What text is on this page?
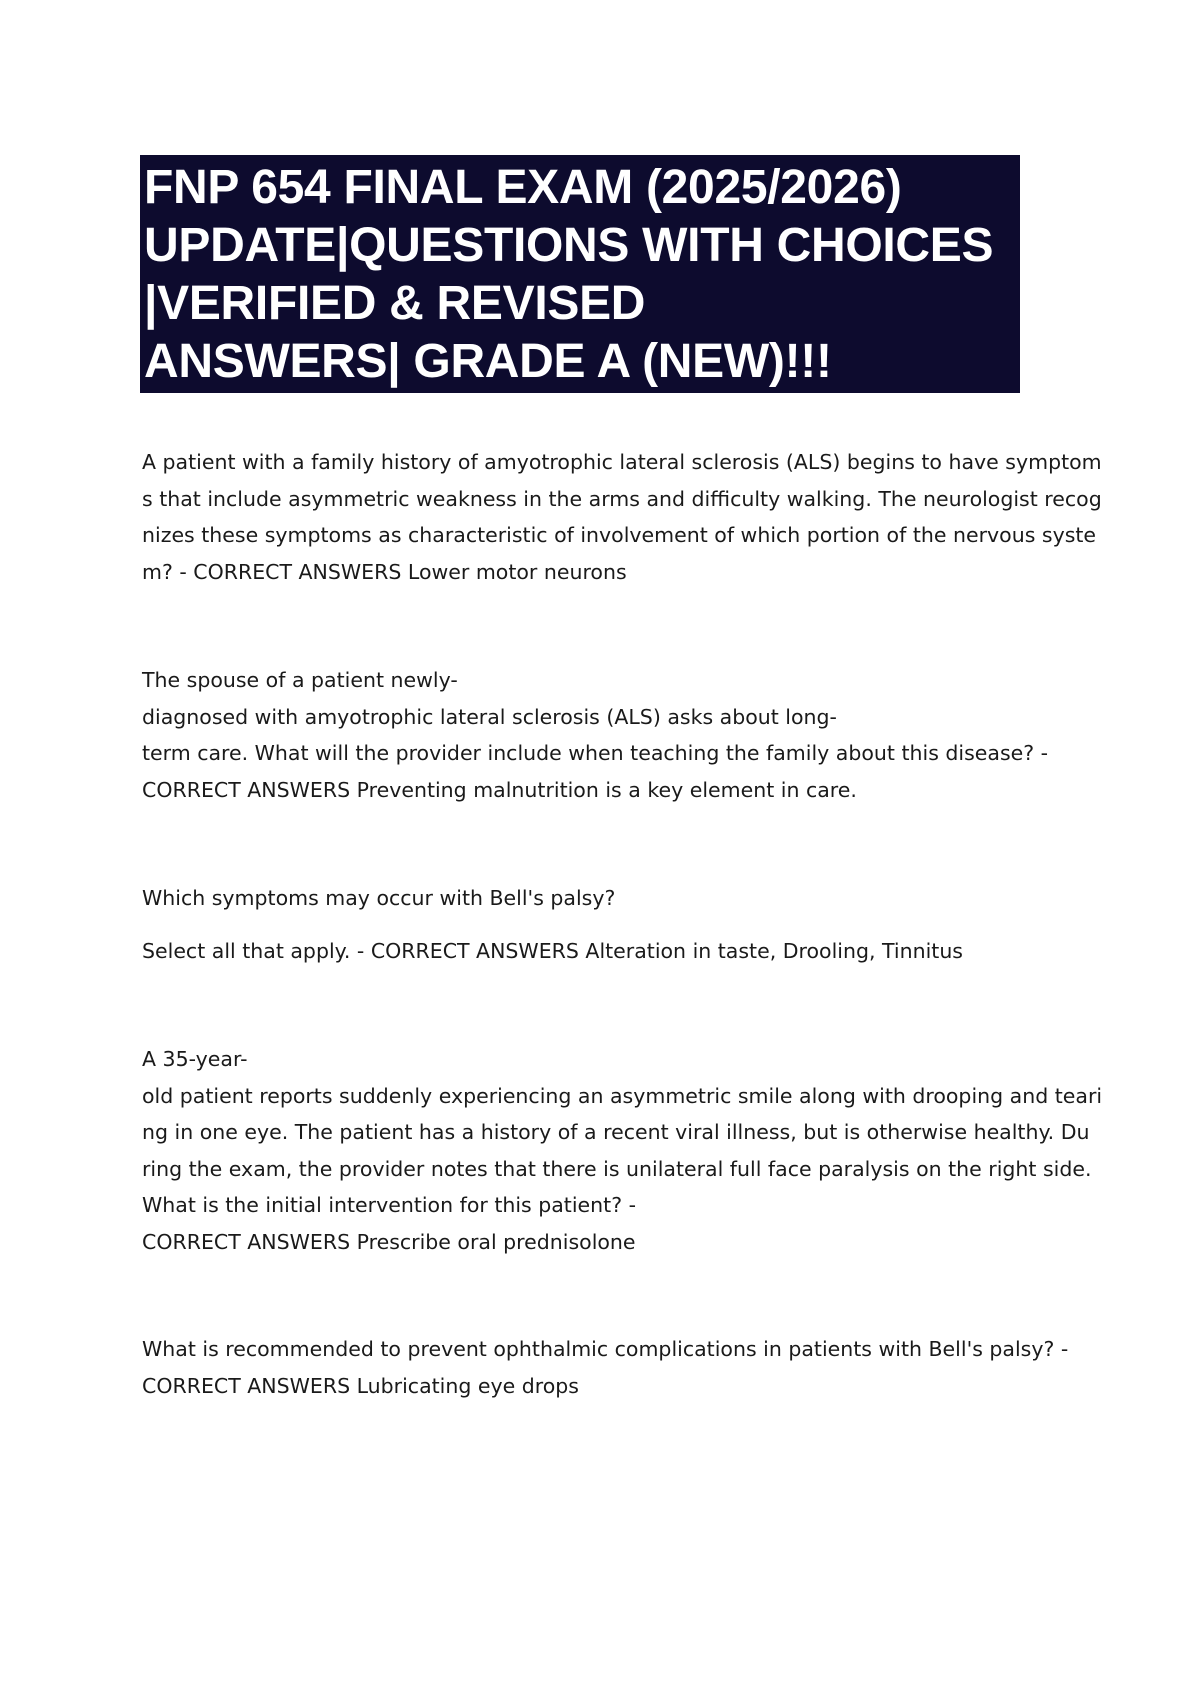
FNP 654 FINAL EXAM (2025/2026)
UPDATE|QUESTIONS WITH CHOICES
|VERIFIED & REVISED
ANSWERS| GRADE A (NEW)!!!
A patient with a family history of amyotrophic lateral sclerosis (ALS) begins to have symptom
s that include asymmetric weakness in the arms and difficulty walking. The neurologist recog
nizes these symptoms as characteristic of involvement of which portion of the nervous syste
m? - CORRECT ANSWERS Lower motor neurons
The spouse of a patient newly-
diagnosed with amyotrophic lateral sclerosis (ALS) asks about long-
term care. What will the provider include when teaching the family about this disease? -
CORRECT ANSWERS Preventing malnutrition is a key element in care.
Which symptoms may occur with Bell's palsy?
Select all that apply. - CORRECT ANSWERS Alteration in taste, Drooling, Tinnitus
A 35-year-
old patient reports suddenly experiencing an asymmetric smile along with drooping and teari
ng in one eye. The patient has a history of a recent viral illness, but is otherwise healthy. Du
ring the exam, the provider notes that there is unilateral full face paralysis on the right side.
What is the initial intervention for this patient? -
CORRECT ANSWERS Prescribe oral prednisolone
What is recommended to prevent ophthalmic complications in patients with Bell's palsy? -
CORRECT ANSWERS Lubricating eye drops
